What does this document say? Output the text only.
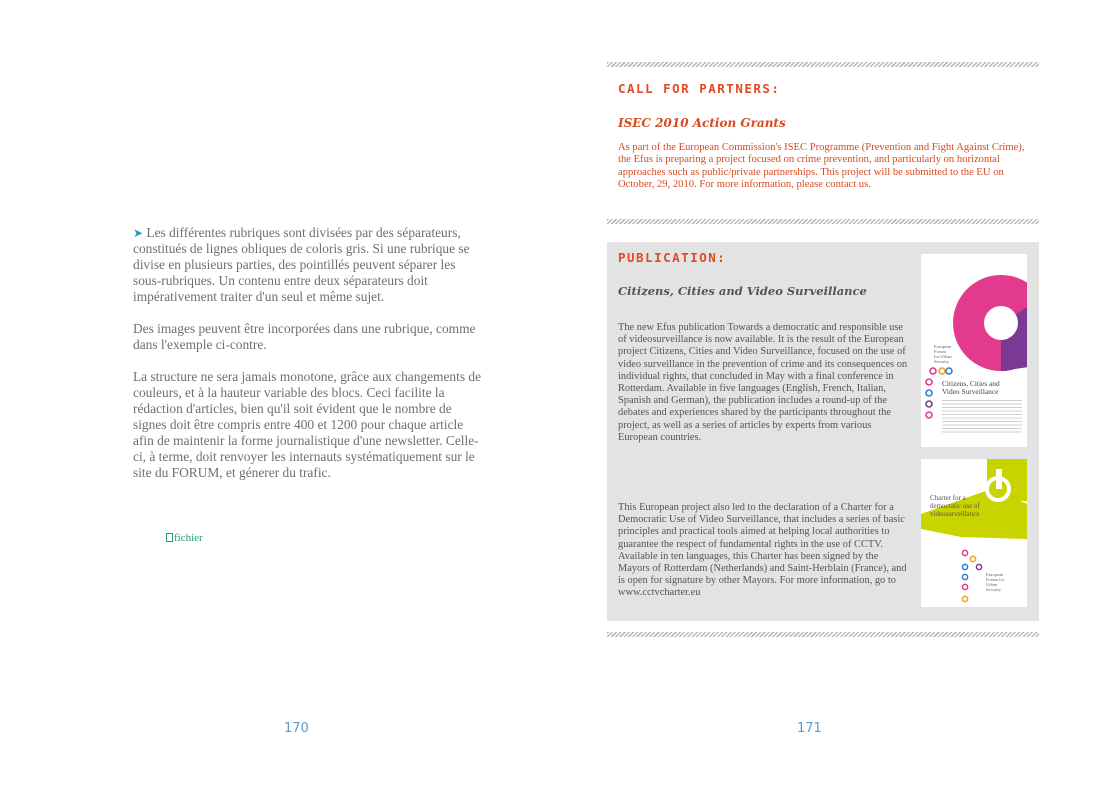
➤ Les différentes rubriques sont divisées par des séparateurs, constitués de lignes obliques de coloris gris. Si une rubrique se divise en plusieurs parties, des pointillés peuvent séparer les sous-rubriques. Un contenu entre deux séparateurs doit impérativement traiter d'un seul et même sujet.

Des images peuvent être incorporées dans une rubrique, comme dans l'exemple ci-contre.

La structure ne sera jamais monotone, grâce aux changements de couleurs, et à la hauteur variable des blocs. Ceci facilite la rédaction d'articles, bien qu'il soit évident que le nombre de signes doit être compris entre 400 et 1200 pour chaque article afin de maintenir la forme journalistique d'une newsletter. Celle-ci, à terme, doit renvoyer les internauts systématiquement sur le site du FORUM, et génerer du trafic.

fichier
170
CALL FOR PARTNERS:
ISEC 2010 Action Grants
As part of the European Commission's ISEC Programme (Prevention and Fight Against Crime), the Efus is preparing a project focused on crime prevention, and particularly on horizontal approaches such as public/private partnerships. This project will be submitted to the EU on October, 29, 2010. For more information, please contact us.
PUBLICATION:
Citizens, Cities and Video Surveillance
The new Efus publication Towards a democratic and responsible use of videosurveillance is now available. It is the result of the European project Citizens, Cities and Video Surveillance, focused on the use of video surveillance in the prevention of crime and its consequences on individual rights, that concluded in May with a final conference in Rotterdam. Available in five languages (English, French, Italian, Spanish and German), the publication includes a round-up of the debates and experiences shared by the participants throughout the project, as well as a series of articles by experts from various European countries.
This European project also led to the declaration of a Charter for a Democratic Use of Video Surveillance, that includes a series of basic principles and practical tools aimed at helping local authorities to guarantee the respect of fundamental rights in the use of CCTV. Available in ten languages, this Charter has been signed by the Mayors of Rotterdam (Netherlands) and Saint-Herblain (France), and is open for signature by other Mayors. For more information, go to www.cctvcharter.eu
European
Forum
for Urban
Security
Citizens, Cities and
Video Surveillance
Charter for a
democratic use of
videosurveillance
European
Forum for
Urban
Security
171
